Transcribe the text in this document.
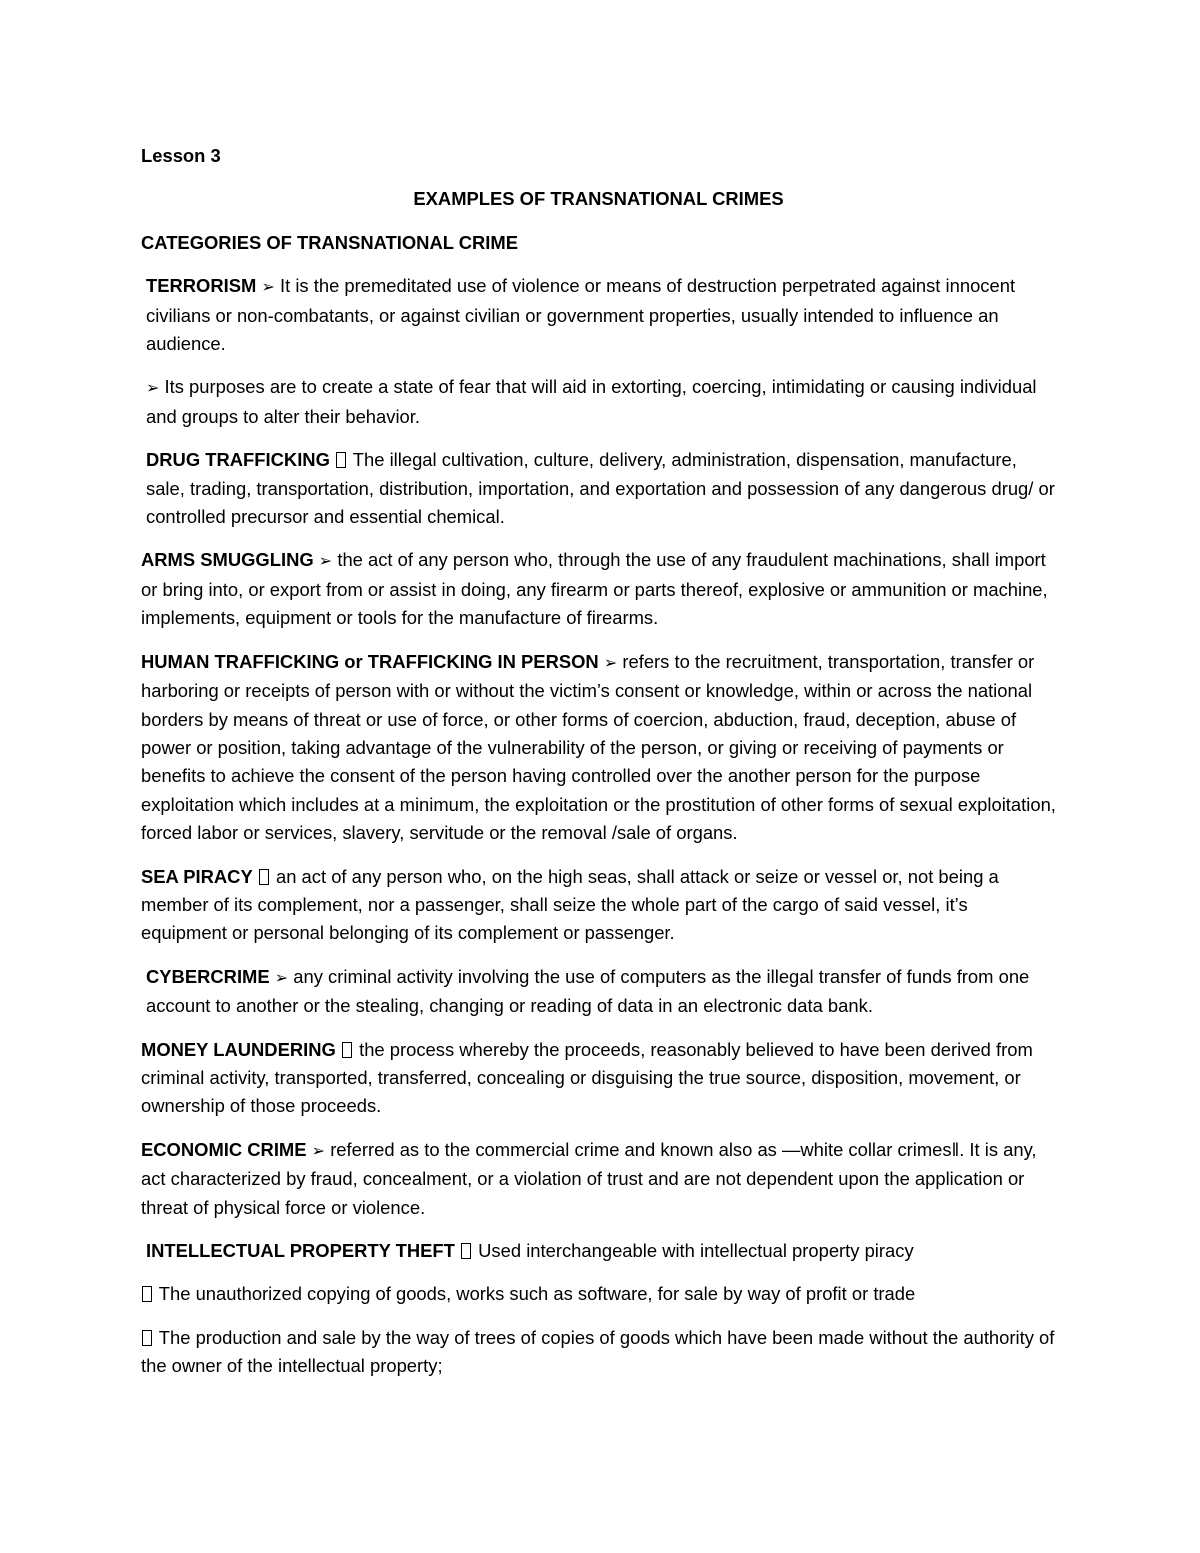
Lesson 3

EXAMPLES OF TRANSNATIONAL CRIMES

CATEGORIES OF TRANSNATIONAL CRIME

TERRORISM ➢ It is the premeditated use of violence or means of destruction perpetrated against innocent civilians or non-combatants, or against civilian or government properties, usually intended to influence an audience.

➢ Its purposes are to create a state of fear that will aid in extorting, coercing, intimidating or causing individual and groups to alter their behavior.

DRUG TRAFFICKING The illegal cultivation, culture, delivery, administration, dispensation, manufacture, sale, trading, transportation, distribution, importation, and exportation and possession of any dangerous drug/ or controlled precursor and essential chemical.

ARMS SMUGGLING ➢ the act of any person who, through the use of any fraudulent machinations, shall import or bring into, or export from or assist in doing, any firearm or parts thereof, explosive or ammunition or machine, implements, equipment or tools for the manufacture of firearms.

HUMAN TRAFFICKING or TRAFFICKING IN PERSON ➢ refers to the recruitment, transportation, transfer or harboring or receipts of person with or without the victim’s consent or knowledge, within or across the national borders by means of threat or use of force, or other forms of coercion, abduction, fraud, deception, abuse of power or position, taking advantage of the vulnerability of the person, or giving or receiving of payments or benefits to achieve the consent of the person having controlled over the another person for the purpose exploitation which includes at a minimum, the exploitation or the prostitution of other forms of sexual exploitation, forced labor or services, slavery, servitude or the removal /sale of organs.

SEA PIRACY an act of any person who, on the high seas, shall attack or seize or vessel or, not being a member of its complement, nor a passenger, shall seize the whole part of the cargo of said vessel, it’s equipment or personal belonging of its complement or passenger.

CYBERCRIME ➢ any criminal activity involving the use of computers as the illegal transfer of funds from one account to another or the stealing, changing or reading of data in an electronic data bank.

MONEY LAUNDERING the process whereby the proceeds, reasonably believed to have been derived from criminal activity, transported, transferred, concealing or disguising the true source, disposition, movement, or ownership of those proceeds.

ECONOMIC CRIME ➢ referred as to the commercial crime and known also as ―white collar crimes‖. It is any, act characterized by fraud, concealment, or a violation of trust and are not dependent upon the application or threat of physical force or violence.

INTELLECTUAL PROPERTY THEFT Used interchangeable with intellectual property piracy

The unauthorized copying of goods, works such as software, for sale by way of profit or trade

The production and sale by the way of trees of copies of goods which have been made without the authority of the owner of the intellectual property;
